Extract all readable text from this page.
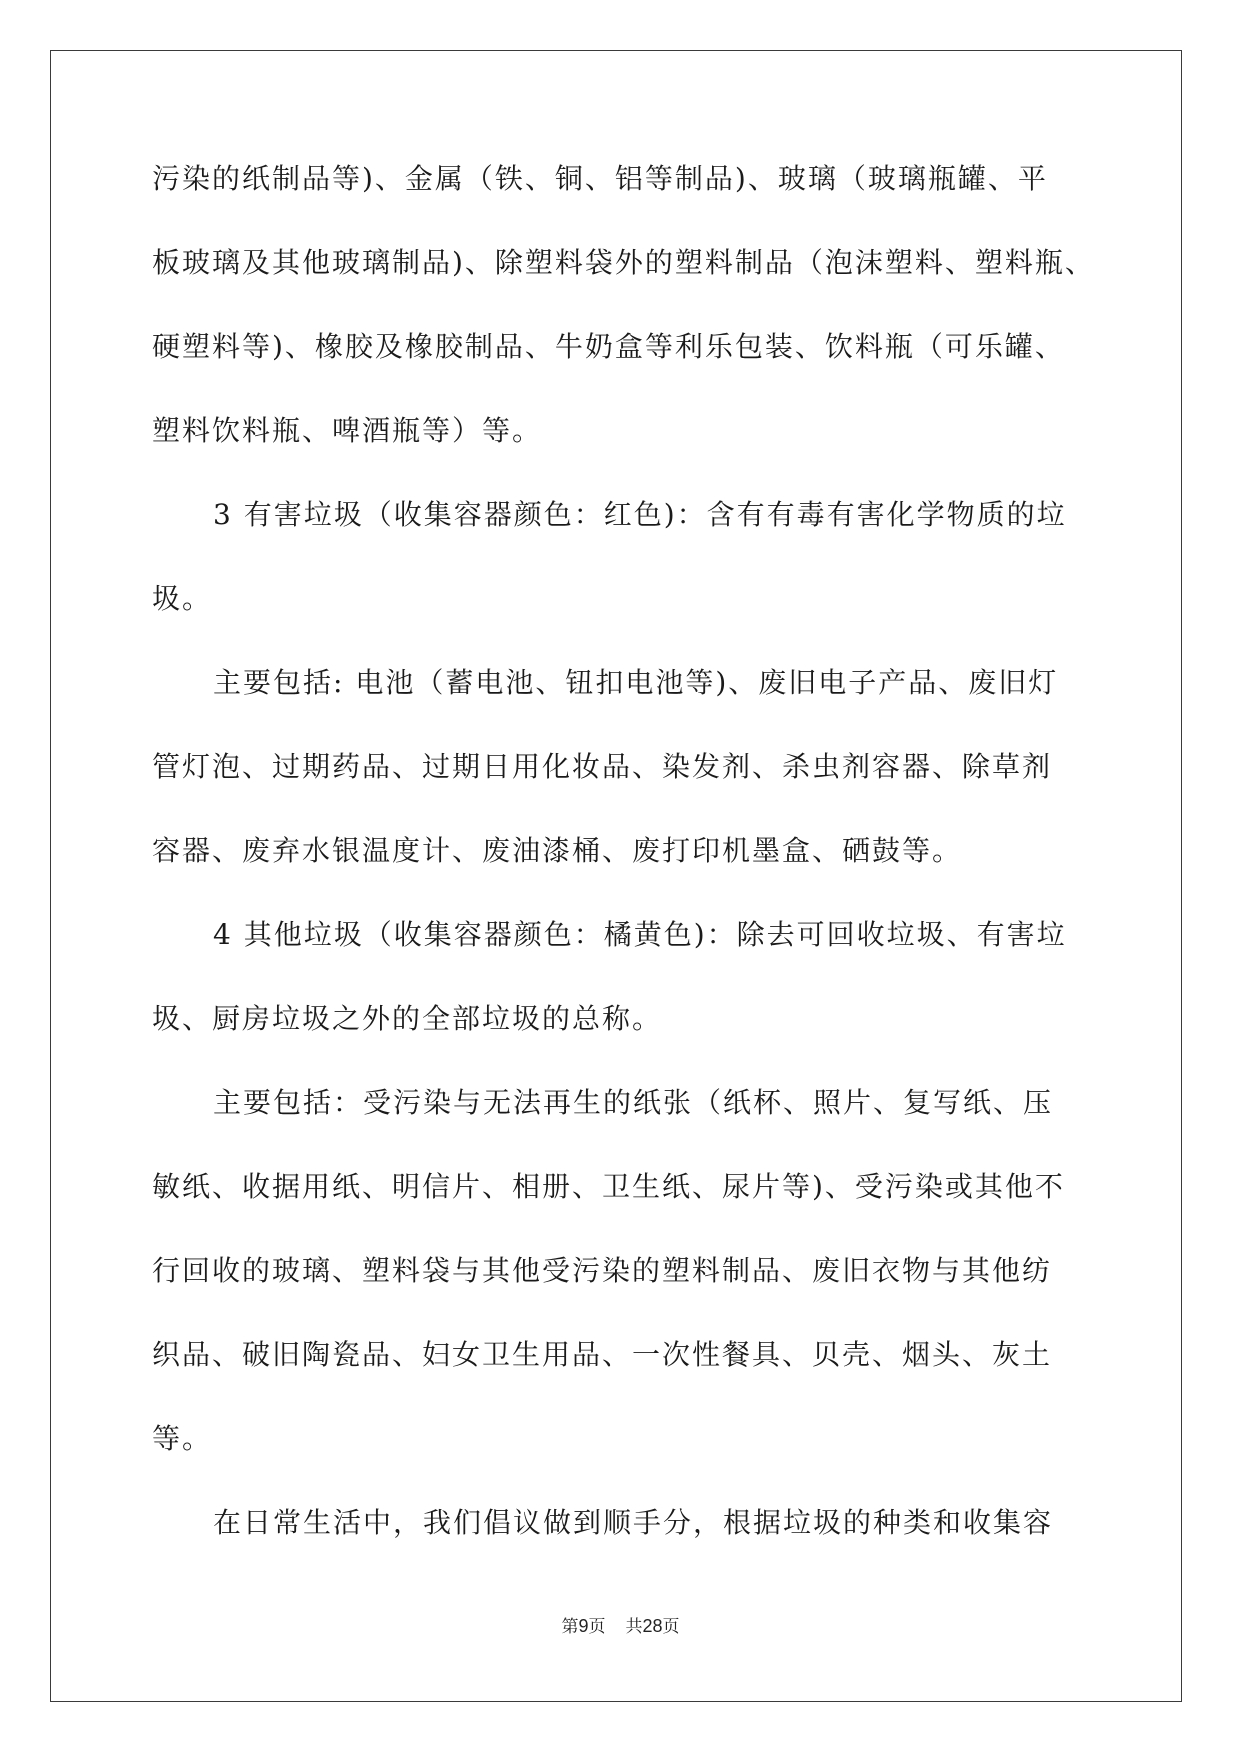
污染的纸制品等)、金属（铁、铜、铝等制品)、玻璃（玻璃瓶罐、平
板玻璃及其他玻璃制品)、除塑料袋外的塑料制品（泡沫塑料、塑料瓶、
硬塑料等)、橡胶及橡胶制品、牛奶盒等利乐包装、饮料瓶（可乐罐、
塑料饮料瓶、啤酒瓶等）等。
3 有害垃圾（收集容器颜色：红色)：含有有毒有害化学物质的垃
圾。
主要包括: 电池（蓄电池、钮扣电池等)、废旧电子产品、废旧灯
管灯泡、过期药品、过期日用化妆品、染发剂、杀虫剂容器、除草剂
容器、废弃水银温度计、废油漆桶、废打印机墨盒、硒鼓等。
4 其他垃圾（收集容器颜色：橘黄色)：除去可回收垃圾、有害垃
圾、厨房垃圾之外的全部垃圾的总称。
主要包括：受污染与无法再生的纸张（纸杯、照片、复写纸、压
敏纸、收据用纸、明信片、相册、卫生纸、尿片等)、受污染或其他不
行回收的玻璃、塑料袋与其他受污染的塑料制品、废旧衣物与其他纺
织品、破旧陶瓷品、妇女卫生用品、一次性餐具、贝壳、烟头、灰土
等。
在日常生活中，我们倡议做到顺手分，根据垃圾的种类和收集容
第9页 共28页
